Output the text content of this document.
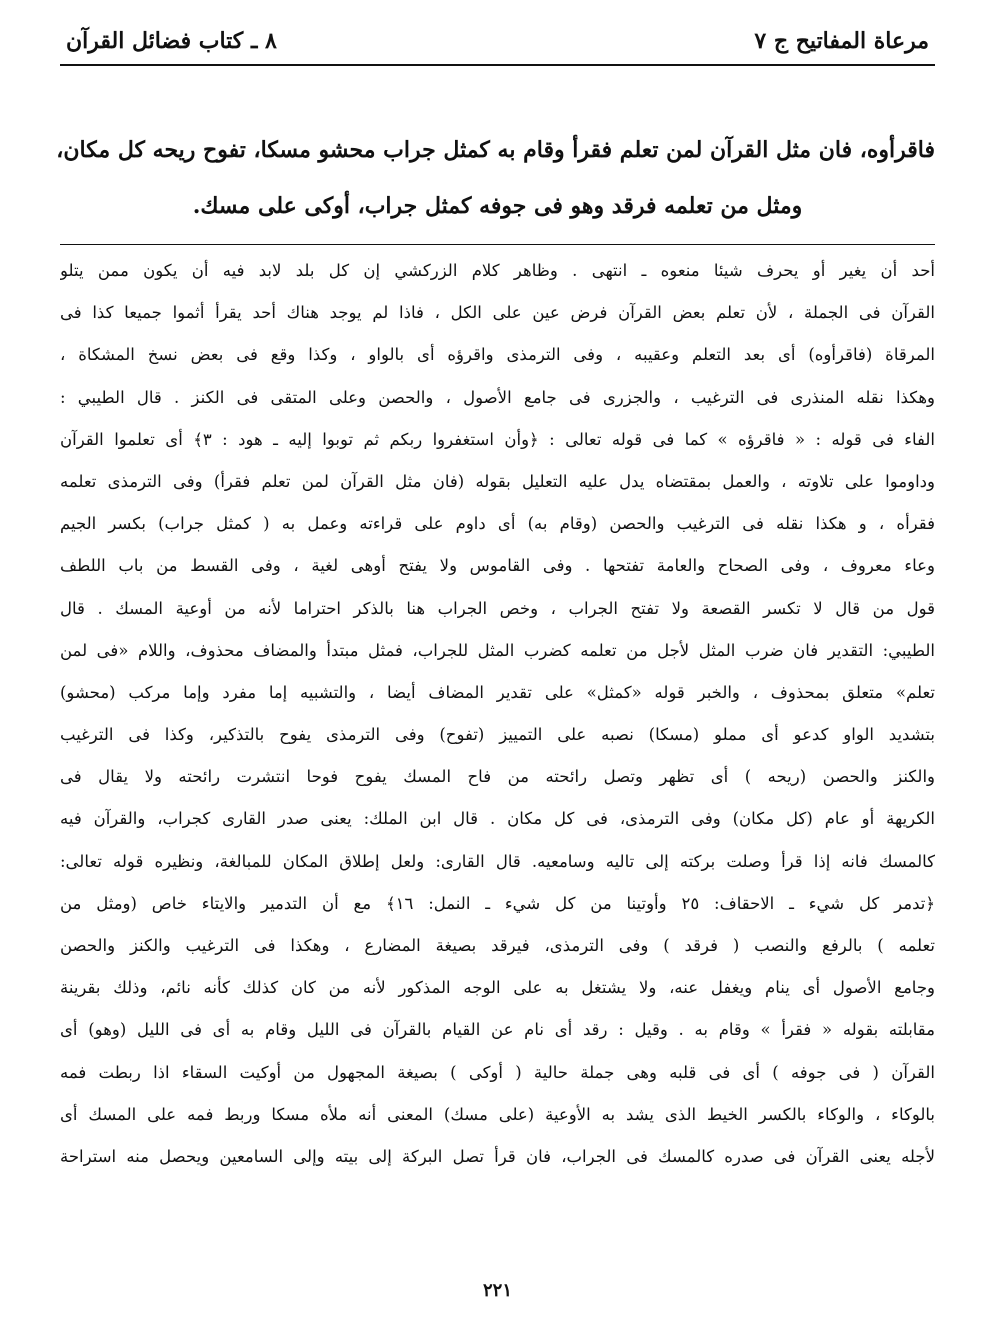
مرعاة المفاتيح ج ٧
٨ ـ كتاب فضائل القرآن
فاقرأوه، فان مثل القرآن لمن تعلم فقرأ وقام به كمثل جراب محشو مسكا، تفوح ريحه كل مكان،
ومثل من تعلمه فرقد وهو فى جوفه كمثل جراب، أوكى على مسك.
أحد أن يغير أو يحرف شيئا منعوه ـ انتهى . وظاهر كلام الزركشي إن كل بلد لابد فيه أن يكون ممن يتلو
القرآن فى الجملة ، لأن تعلم بعض القرآن فرض عين على الكل ، فاذا لم يوجد هناك أحد يقرأ أثموا جميعا كذا فى
المرقاة (فاقرأوه) أى بعد التعلم وعقيبه ، وفى الترمذى واقرؤه أى بالواو ، وكذا وقع فى بعض نسخ المشكاة ،
وهكذا نقله المنذرى فى الترغيب ، والجزرى فى جامع الأصول ، والحصن وعلى المتقى فى الكنز . قال الطيبي :
الفاء فى قوله : « فاقرؤه » كما فى قوله تعالى : ﴿وأن استغفروا ربكم ثم توبوا إليه ـ هود : ٣﴾ أى تعلموا القرآن
وداوموا على تلاوته ، والعمل بمقتضاه يدل عليه التعليل بقوله (فان مثل القرآن لمن تعلم فقرأ) وفى الترمذى تعلمه
فقرأه ، و هكذا نقله فى الترغيب والحصن (وقام به) أى داوم على قراءته وعمل به ( كمثل جراب) بكسر الجيم
وعاء معروف ، وفى الصحاح والعامة تفتحها . وفى القاموس ولا يفتح أوهى لغية ، وفى القسط من باب اللطف
قول من قال لا تكسر القصعة ولا تفتح الجراب ، وخص الجراب هنا بالذكر احتراما لأنه من أوعية المسك . قال
الطيبي: التقدير فان ضرب المثل لأجل من تعلمه كضرب المثل للجراب، فمثل مبتدأ والمضاف محذوف، واللام «فى لمن
تعلم» متعلق بمحذوف ، والخبر قوله «كمثل» على تقدير المضاف أيضا ، والتشبيه إما مفرد وإما مركب (محشو)
بتشديد الواو كدعو أى مملو (مسكا) نصبه على التمييز (تفوح) وفى الترمذى يفوح بالتذكير، وكذا فى الترغيب
والكنز والحصن (ريحه ) أى تظهر وتصل رائحته من فاح المسك يفوح فوحا انتشرت رائحته ولا يقال فى
الكريهة أو عام (كل مكان) وفى الترمذى، فى كل مكان . قال ابن الملك: يعنى صدر القارى كجراب، والقرآن فيه
كالمسك فانه إذا قرأ وصلت بركته إلى تاليه وسامعيه. قال القارى: ولعل إطلاق المكان للمبالغة، ونظيره قوله تعالى:
﴿تدمر كل شيء ـ الاحقاف: ٢٥ وأوتينا من كل شيء ـ النمل: ١٦﴾ مع أن التدمير والايتاء خاص (ومثل من
تعلمه ) بالرفع والنصب ( فرقد ) وفى الترمذى، فيرقد بصيغة المضارع ، وهكذا فى الترغيب والكنز والحصن
وجامع الأصول أى ينام ويغفل عنه، ولا يشتغل به على الوجه المذكور لأنه من كان كذلك كأنه نائم، وذلك بقرينة
مقابلته بقوله « فقرأ » وقام به . وقيل : رقد أى نام عن القيام بالقرآن فى الليل وقام به أى فى الليل (وهو) أى
القرآن ( فى جوفه ) أى فى قلبه وهى جملة حالية ( أوكى ) بصيغة المجهول من أوكيت السقاء اذا ربطت فمه
بالوكاء ، والوكاء بالكسر الخيط الذى يشد به الأوعية (على مسك) المعنى أنه ملأه مسكا وربط فمه على المسك أى
لأجله يعنى القرآن فى صدره كالمسك فى الجراب، فان قرأ تصل البركة إلى بيته وإلى السامعين ويحصل منه استراحة
٢٢١
